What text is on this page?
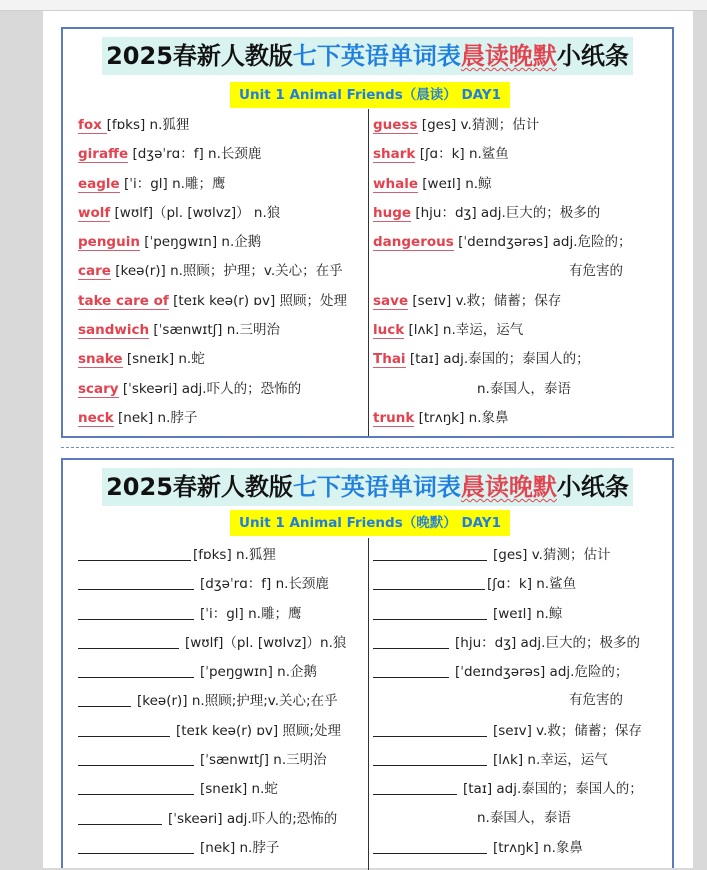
2025春新人教版七下英语单词表晨读晚默小纸条
Unit 1 Animal Friends（晨读） DAY1
fox [fɒks] n.狐狸
giraffe [dʒəˈrɑ：f] n.长颈鹿
eagle [ˈi：gl] n.雕；鹰
wolf [wʊlf]（pl. [wʊlvz]） n.狼
penguin [ˈpeŋgwɪn] n.企鹅
care [keə(r)] n.照顾；护理；v.关心；在乎
take care of [teɪk keə(r) ɒv] 照顾；处理
sandwich [ˈsænwɪtʃ] n.三明治
snake [sneɪk] n.蛇
scary [ˈskeəri] adj.吓人的；恐怖的
neck [nek] n.脖子
guess [ges] v.猜测；估计
shark [ʃɑ：k] n.鲨鱼
whale [weɪl] n.鲸
huge [hju：dʒ] adj.巨大的；极多的
dangerous [ˈdeɪndʒərəs] adj.危险的；
有危害的
save [seɪv] v.救；储蓄；保存
luck [lʌk] n.幸运，运气
Thai [taɪ] adj.泰国的；泰国人的；
n.泰国人，泰语
trunk [trʌŋk] n.象鼻
2025春新人教版七下英语单词表晨读晚默小纸条
Unit 1 Animal Friends（晚默） DAY1
[fɒks] n.狐狸
[dʒəˈrɑ：f] n.长颈鹿
[ˈi：gl] n.雕；鹰
[wʊlf]（pl. [wʊlvz]）n.狼
[ˈpeŋgwɪn] n.企鹅
[keə(r)] n.照顾;护理;v.关心;在乎
[teɪk keə(r) ɒv] 照顾;处理
[ˈsænwɪtʃ] n.三明治
[sneɪk] n.蛇
[ˈskeəri] adj.吓人的;恐怖的
[nek] n.脖子
[ges] v.猜测；估计
[ʃɑ：k] n.鲨鱼
[weɪl] n.鲸
[hju：dʒ] adj.巨大的；极多的
[ˈdeɪndʒərəs] adj.危险的；
有危害的
[seɪv] v.救；储蓄；保存
[lʌk] n.幸运，运气
[taɪ] adj.泰国的；泰国人的；
n.泰国人，泰语
[trʌŋk] n.象鼻
